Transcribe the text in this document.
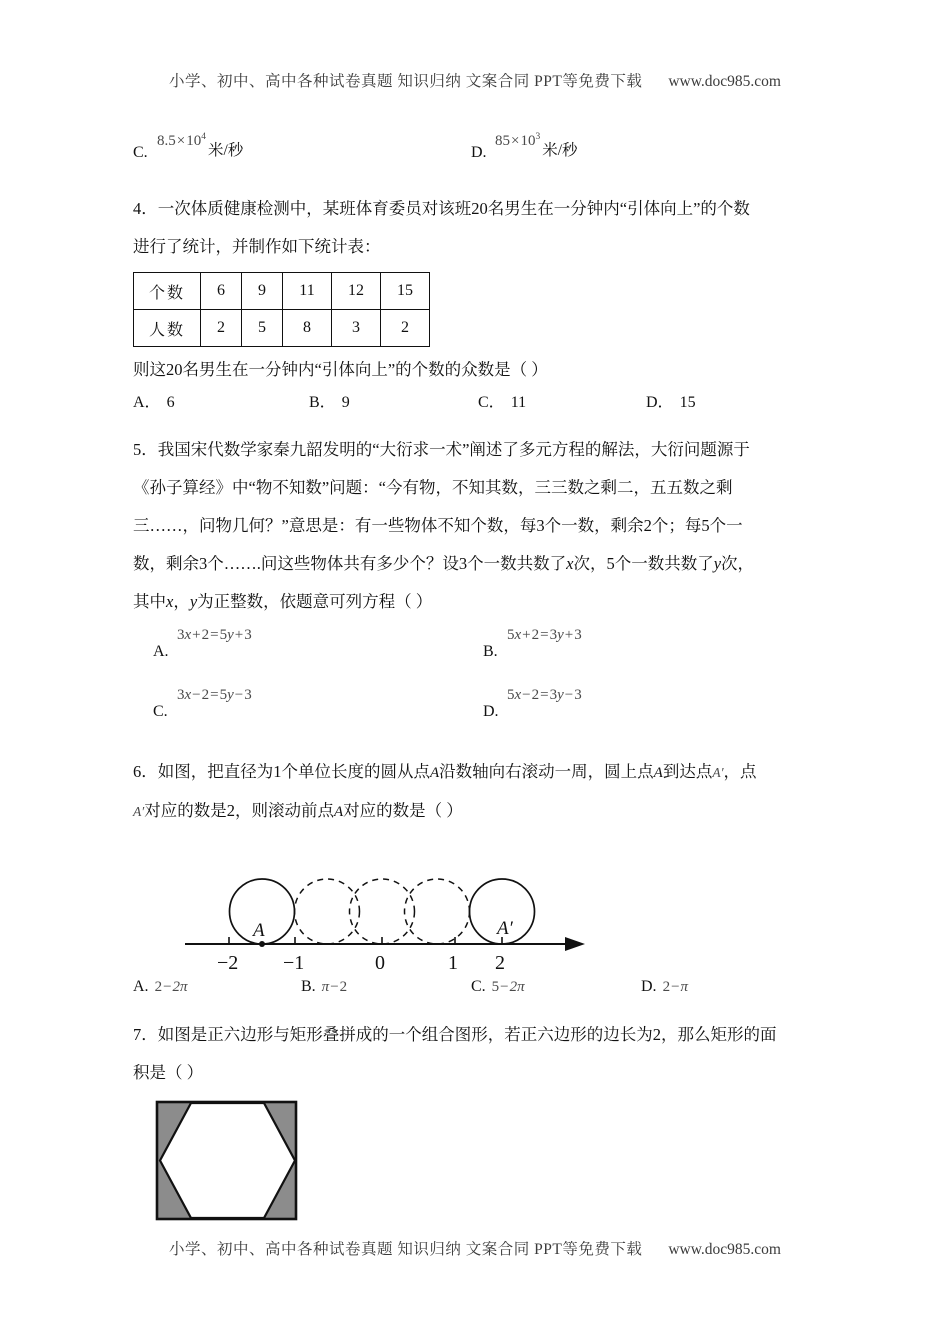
小学、初中、高中各种试卷真题 知识归纳 文案合同 PPT等免费下载 www.doc985.com
C.
$8.5\times 10^4$米/秒	D.
$85\times 10^3$米/秒
4．一次体质健康检测中，某班体育委员对该班20名男生在一分钟内“引体向上”的个数
进行了统计，并制作如下统计表：
个数	6	9	11	12	15
人数	2	5	8	3	2
则这20名男生在一分钟内“引体向上”的个数的众数是（ ）
A． 6	B． 9	C． 11	D． 15
5．我国宋代数学家秦九韶发明的“大衍求一术”阐述了多元方程的解法，大衍问题源于
《孙子算经》中“物不知数”问题：“今有物，不知其数，三三数之剩二，五五数之剩
三……，问物几何？”意思是：有一些物体不知个数，每3个一数，剩余2个；每5个一
数，剩余3个…….问这些物体共有多少个？设3个一数共数了x次，5个一数共数了y次，
其中x，y为正整数，依题意可列方程（ ）
A.
3x+2=5y+3
B.
5x+2=3y+3
C.
3x−2=5y−3
D.
5x−2=3y−3
6．如图，把直径为1个单位长度的圆从点A沿数轴向右滚动一周，圆上点A到达点A′，点
A′对应的数是2，则滚动前点A对应的数是（ ）
−2 −1	0	1 2
A	A′
A. 2−2π	B. π−2	C. 5−2π	D. 2−π
7．如图是正六边形与矩形叠拼成的一个组合图形，若正六边形的边长为2，那么矩形的面
积是（ ）
小学、初中、高中各种试卷真题 知识归纳 文案合同 PPT等免费下载 www.doc985.com
